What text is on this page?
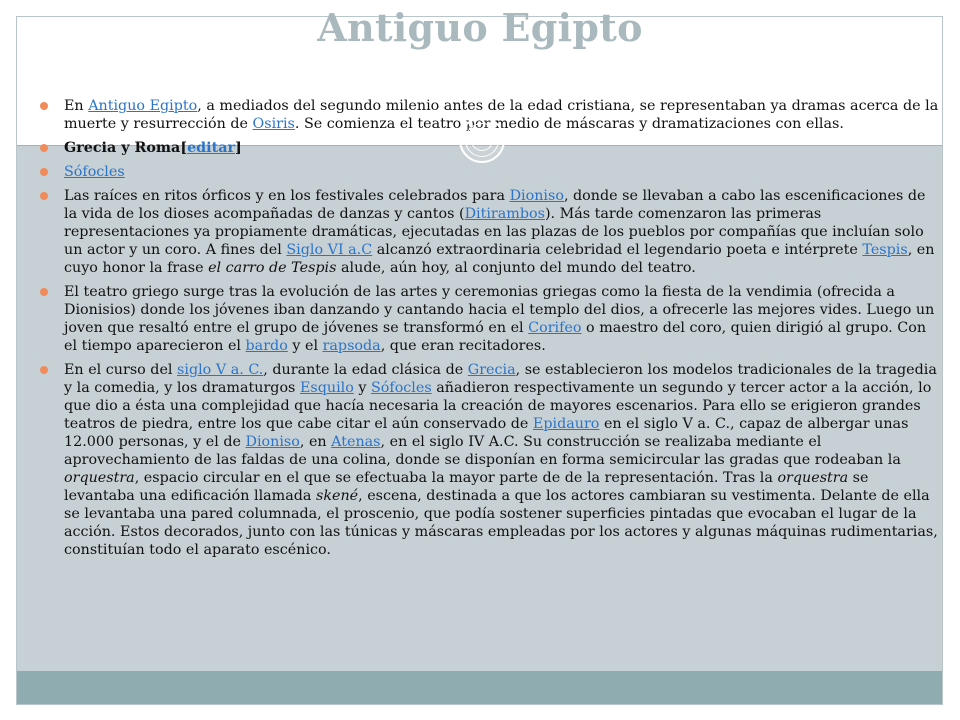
Antiguo Egipto
En Antiguo Egipto, a mediados del segundo milenio antes de la edad cristiana, se representaban ya dramas acerca de la muerte y resurrección de Osiris. Se comienza el teatro por medio de máscaras y dramatizaciones con ellas.
Grecia y Roma[editar]
Sófocles
Las raíces en ritos órficos y en los festivales celebrados para Dioniso, donde se llevaban a cabo las escenificaciones de la vida de los dioses acompañadas de danzas y cantos (Ditirambos). Más tarde comenzaron las primeras representaciones ya propiamente dramáticas, ejecutadas en las plazas de los pueblos por compañías que incluían solo un actor y un coro. A fines del Siglo VI a.C alcanzó extraordinaria celebridad el legendario poeta e intérprete Tespis, en cuyo honor la frase el carro de Tespis alude, aún hoy, al conjunto del mundo del teatro.
El teatro griego surge tras la evolución de las artes y ceremonias griegas como la fiesta de la vendimia (ofrecida a Dionisios) donde los jóvenes iban danzando y cantando hacia el templo del dios, a ofrecerle las mejores vides. Luego un joven que resaltó entre el grupo de jóvenes se transformó en el Corifeo o maestro del coro, quien dirigió al grupo. Con el tiempo aparecieron el bardo y el rapsoda, que eran recitadores.
En el curso del siglo V a. C., durante la edad clásica de Grecia, se establecieron los modelos tradicionales de la tragedia y la comedia, y los dramaturgos Esquilo y Sófocles añadieron respectivamente un segundo y tercer actor a la acción, lo que dio a ésta una complejidad que hacía necesaria la creación de mayores escenarios. Para ello se erigieron grandes teatros de piedra, entre los que cabe citar el aún conservado de Epidauro en el siglo V a. C., capaz de albergar unas 12.000 personas, y el de Dioniso, en Atenas, en el siglo IV A.C. Su construcción se realizaba mediante el aprovechamiento de las faldas de una colina, donde se disponían en forma semicircular las gradas que rodeaban la orquestra, espacio circular en el que se efectuaba la mayor parte de de la representación. Tras la orquestra se levantaba una edificación llamada skené, escena, destinada a que los actores cambiaran su vestimenta. Delante de ella se levantaba una pared columnada, el proscenio, que podía sostener superficies pintadas que evocaban el lugar de la acción. Estos decorados, junto con las túnicas y máscaras empleadas por los actores y algunas máquinas rudimentarias, constituían todo el aparato escénico.
